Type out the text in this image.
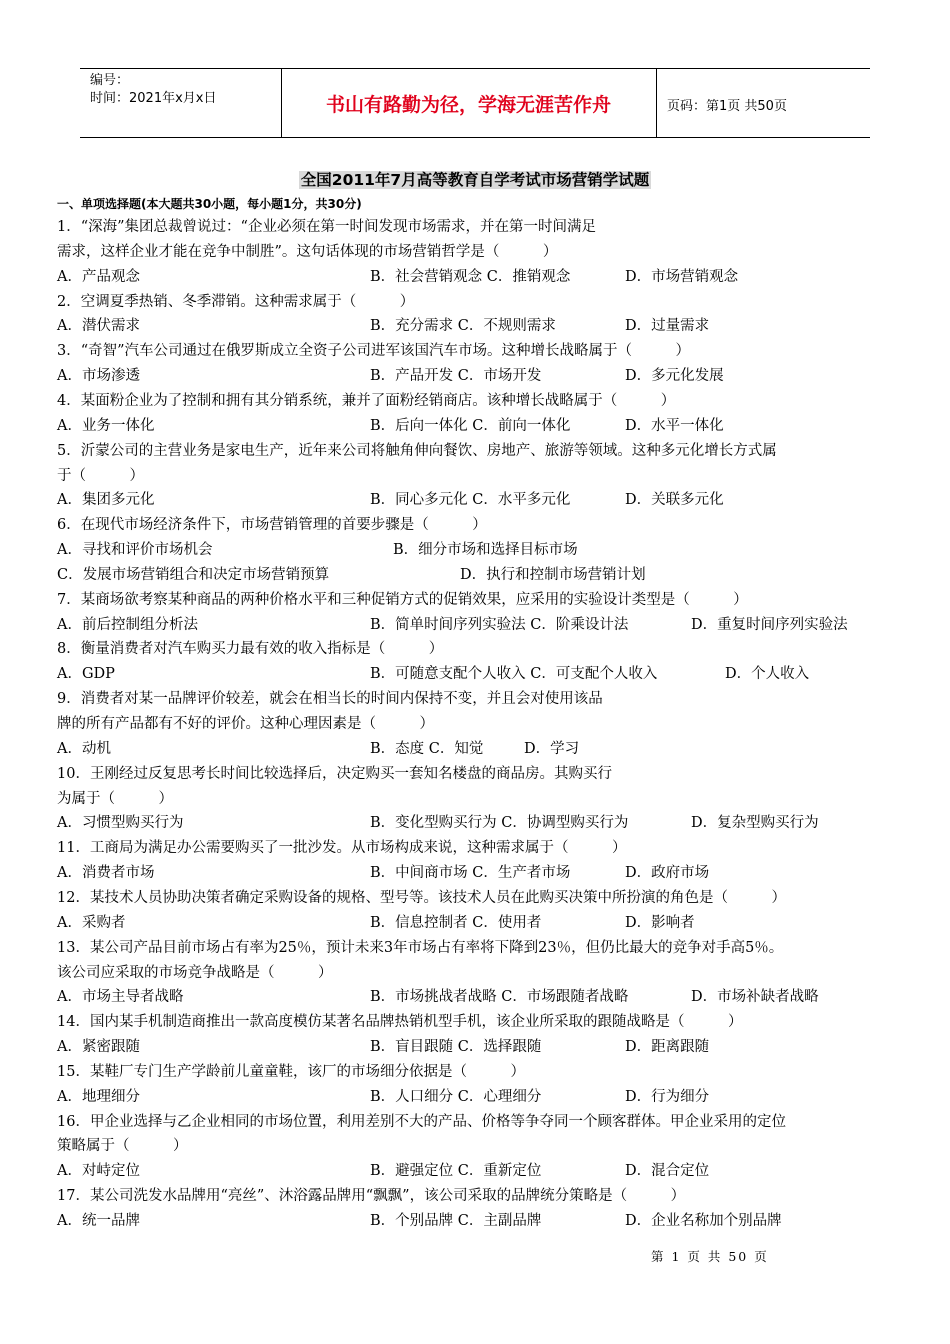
编号：
时间：2021年x月x日	书山有路勤为径，学海无涯苦作舟	页码：第1页 共50页
全国2011年7月高等教育自学考试市场营销学试题
一、单项选择题(本大题共30小题，每小题1分，共30分)
1．“深海”集团总裁曾说过：“企业必须在第一时间发现市场需求，并在第一时间满足
需求，这样企业才能在竞争中制胜”。这句话体现的市场营销哲学是（　　　）
A．产品观念	B．社会营销观念 C．推销观念	D．市场营销观念
2．空调夏季热销、冬季滞销。这种需求属于（　　　）
A．潜伏需求	B．充分需求 C．不规则需求	D．过量需求
3．“奇智”汽车公司通过在俄罗斯成立全资子公司进军该国汽车市场。这种增长战略属于（　　　）
A．市场渗透	B．产品开发 C．市场开发	D．多元化发展
4．某面粉企业为了控制和拥有其分销系统，兼并了面粉经销商店。该种增长战略属于（　　　）
A．业务一体化	B．后向一体化 C．前向一体化	D．水平一体化
5．沂蒙公司的主营业务是家电生产，近年来公司将触角伸向餐饮、房地产、旅游等领域。这种多元化增长方式属
于（　　　）
A．集团多元化	B．同心多元化 C．水平多元化	D．关联多元化
6．在现代市场经济条件下，市场营销管理的首要步骤是（　　　）
A．寻找和评价市场机会	B．细分市场和选择目标市场
C．发展市场营销组合和决定市场营销预算	D．执行和控制市场营销计划
7．某商场欲考察某种商品的两种价格水平和三种促销方式的促销效果，应采用的实验设计类型是（　　　）
A．前后控制组分析法	B．简单时间序列实验法 C．阶乘设计法	D．重复时间序列实验法
8．衡量消费者对汽车购买力最有效的收入指标是（　　　）
A．GDP	B．可随意支配个人收入 C．可支配个人收入	D．个人收入
9．消费者对某一品牌评价较差，就会在相当长的时间内保持不变，并且会对使用该品
牌的所有产品都有不好的评价。这种心理因素是（　　　）
A．动机	B．态度 C．知觉	D．学习
10．王刚经过反复思考长时间比较选择后，决定购买一套知名楼盘的商品房。其购买行
为属于（　　　）
A．习惯型购买行为	B．变化型购买行为 C．协调型购买行为	D．复杂型购买行为
11．工商局为满足办公需要购买了一批沙发。从市场构成来说，这种需求属于（　　　）
A．消费者市场	B．中间商市场 C．生产者市场	D．政府市场
12．某技术人员协助决策者确定采购设备的规格、型号等。该技术人员在此购买决策中所扮演的角色是（　　　）
A．采购者	B．信息控制者 C．使用者	D．影响者
13．某公司产品目前市场占有率为25％，预计未来3年市场占有率将下降到23％，但仍比最大的竞争对手高5％。
该公司应采取的市场竞争战略是（　　　）
A．市场主导者战略	B．市场挑战者战略 C．市场跟随者战略	D．市场补缺者战略
14．国内某手机制造商推出一款高度模仿某著名品牌热销机型手机，该企业所采取的跟随战略是（　　　）
A．紧密跟随	B．盲目跟随 C．选择跟随	D．距离跟随
15．某鞋厂专门生产学龄前儿童童鞋，该厂的市场细分依据是（　　　）
A．地理细分	B．人口细分 C．心理细分	D．行为细分
16．甲企业选择与乙企业相同的市场位置，利用差别不大的产品、价格等争夺同一个顾客群体。甲企业采用的定位
策略属于（　　　）
A．对峙定位	B．避强定位 C．重新定位	D．混合定位
17．某公司洗发水品牌用“亮丝”、沐浴露品牌用“飘飘”，该公司采取的品牌统分策略是（　　　）
A．统一品牌	B．个别品牌 C．主副品牌	D．企业名称加个别品牌
第 1 页 共 50 页
